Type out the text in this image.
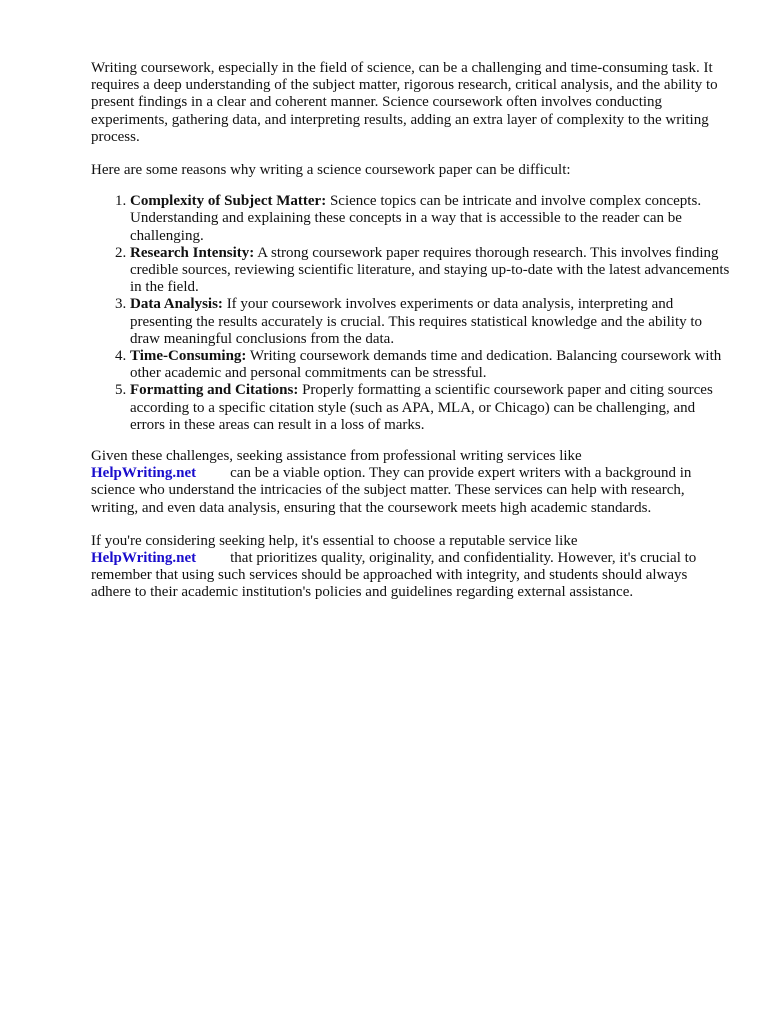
Writing coursework, especially in the field of science, can be a challenging and time-consuming task. It requires a deep understanding of the subject matter, rigorous research, critical analysis, and the ability to present findings in a clear and coherent manner. Science coursework often involves conducting experiments, gathering data, and interpreting results, adding an extra layer of complexity to the writing process.

Here are some reasons why writing a science coursework paper can be difficult:

1. Complexity of Subject Matter: Science topics can be intricate and involve complex concepts. Understanding and explaining these concepts in a way that is accessible to the reader can be challenging.
2. Research Intensity: A strong coursework paper requires thorough research. This involves finding credible sources, reviewing scientific literature, and staying up-to-date with the latest advancements in the field.
3. Data Analysis: If your coursework involves experiments or data analysis, interpreting and presenting the results accurately is crucial. This requires statistical knowledge and the ability to draw meaningful conclusions from the data.
4. Time-Consuming: Writing coursework demands time and dedication. Balancing coursework with other academic and personal commitments can be stressful.
5. Formatting and Citations: Properly formatting a scientific coursework paper and citing sources according to a specific citation style (such as APA, MLA, or Chicago) can be challenging, and errors in these areas can result in a loss of marks.

Given these challenges, seeking assistance from professional writing services like
HelpWriting.net can be a viable option. They can provide expert writers with a background in science who understand the intricacies of the subject matter. These services can help with research, writing, and even data analysis, ensuring that the coursework meets high academic standards.

If you're considering seeking help, it's essential to choose a reputable service like
HelpWriting.net that prioritizes quality, originality, and confidentiality. However, it's crucial to remember that using such services should be approached with integrity, and students should always adhere to their academic institution's policies and guidelines regarding external assistance.
